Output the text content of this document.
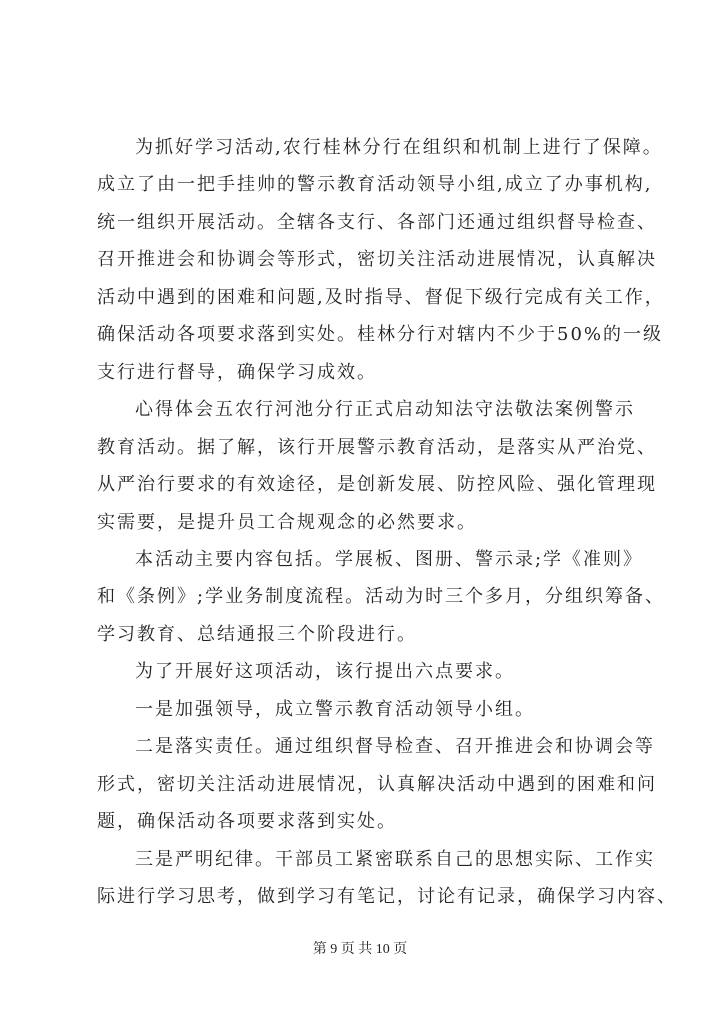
为抓好学习活动,农行桂林分行在组织和机制上进行了保障。
成立了由一把手挂帅的警示教育活动领导小组,成立了办事机构,
统一组织开展活动。全辖各支行、各部门还通过组织督导检查、
召开推进会和协调会等形式，密切关注活动进展情况，认真解决
活动中遇到的困难和问题,及时指导、督促下级行完成有关工作，
确保活动各项要求落到实处。桂林分行对辖内不少于50%的一级
支行进行督导，确保学习成效。
心得体会五农行河池分行正式启动知法守法敬法案例警示
教育活动。据了解，该行开展警示教育活动，是落实从严治党、
从严治行要求的有效途径，是创新发展、防控风险、强化管理现
实需要，是提升员工合规观念的必然要求。
本活动主要内容包括。学展板、图册、警示录;学《准则》
和《条例》;学业务制度流程。活动为时三个多月，分组织筹备、
学习教育、总结通报三个阶段进行。
为了开展好这项活动，该行提出六点要求。
一是加强领导，成立警示教育活动领导小组。
二是落实责任。通过组织督导检查、召开推进会和协调会等
形式，密切关注活动进展情况，认真解决活动中遇到的困难和问
题，确保活动各项要求落到实处。
三是严明纪律。干部员工紧密联系自己的思想实际、工作实
际进行学习思考，做到学习有笔记，讨论有记录，确保学习内容、
第 9 页 共 10 页
